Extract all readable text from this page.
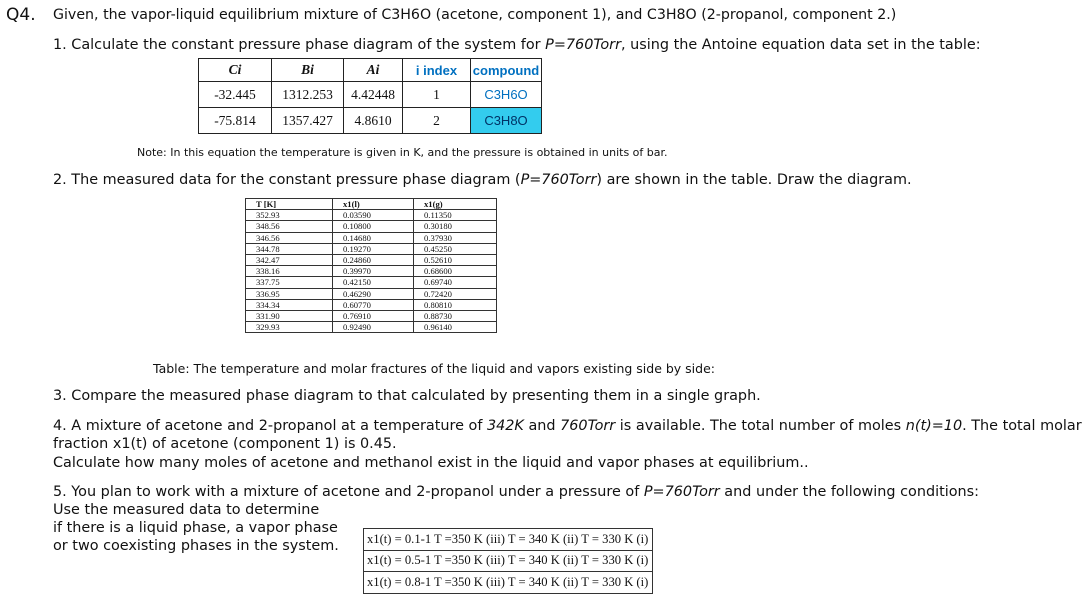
Q4. Given, the vapor-liquid equilibrium mixture of C3H6O (acetone, component 1), and C3H8O (2-propanol, component 2.)
1. Calculate the constant pressure phase diagram of the system for P=760Torr, using the Antoine equation data set in the table:
Ci	Bi	Ai	i index	compound
-32.445	1312.253	4.42448	1	C3H6O
-75.814	1357.427	4.8610	2	C3H8O
Note: In this equation the temperature is given in K, and the pressure is obtained in units of bar.
2. The measured data for the constant pressure phase diagram (P=760Torr) are shown in the table. Draw the diagram.
T [K]	x1(l)	x1(g)
352.93	0.03590	0.11350
348.56	0.10800	0.30180
346.56	0.14680	0.37930
344.78	0.19270	0.45250
342.47	0.24860	0.52610
338.16	0.39970	0.68600
337.75	0.42150	0.69740
336.95	0.46290	0.72420
334.34	0.60770	0.80810
331.90	0.76910	0.88730
329.93	0.92490	0.96140
Table: The temperature and molar fractures of the liquid and vapors existing side by side:
3. Compare the measured phase diagram to that calculated by presenting them in a single graph.
4. A mixture of acetone and 2-propanol at a temperature of 342K and 760Torr is available. The total number of moles n(t)=10. The total molar
fraction x1(t) of acetone (component 1) is 0.45.
Calculate how many moles of acetone and methanol exist in the liquid and vapor phases at equilibrium..
5. You plan to work with a mixture of acetone and 2-propanol under a pressure of P=760Torr and under the following conditions:
Use the measured data to determine
if there is a liquid phase, a vapor phase
or two coexisting phases in the system. x1(t) = 0.1-1 T =350 K (iii) T = 340 K (ii) T = 330 K (i)
x1(t) = 0.5-1 T =350 K (iii) T = 340 K (ii) T = 330 K (i)
x1(t) = 0.8-1 T =350 K (iii) T = 340 K (ii) T = 330 K (i)
